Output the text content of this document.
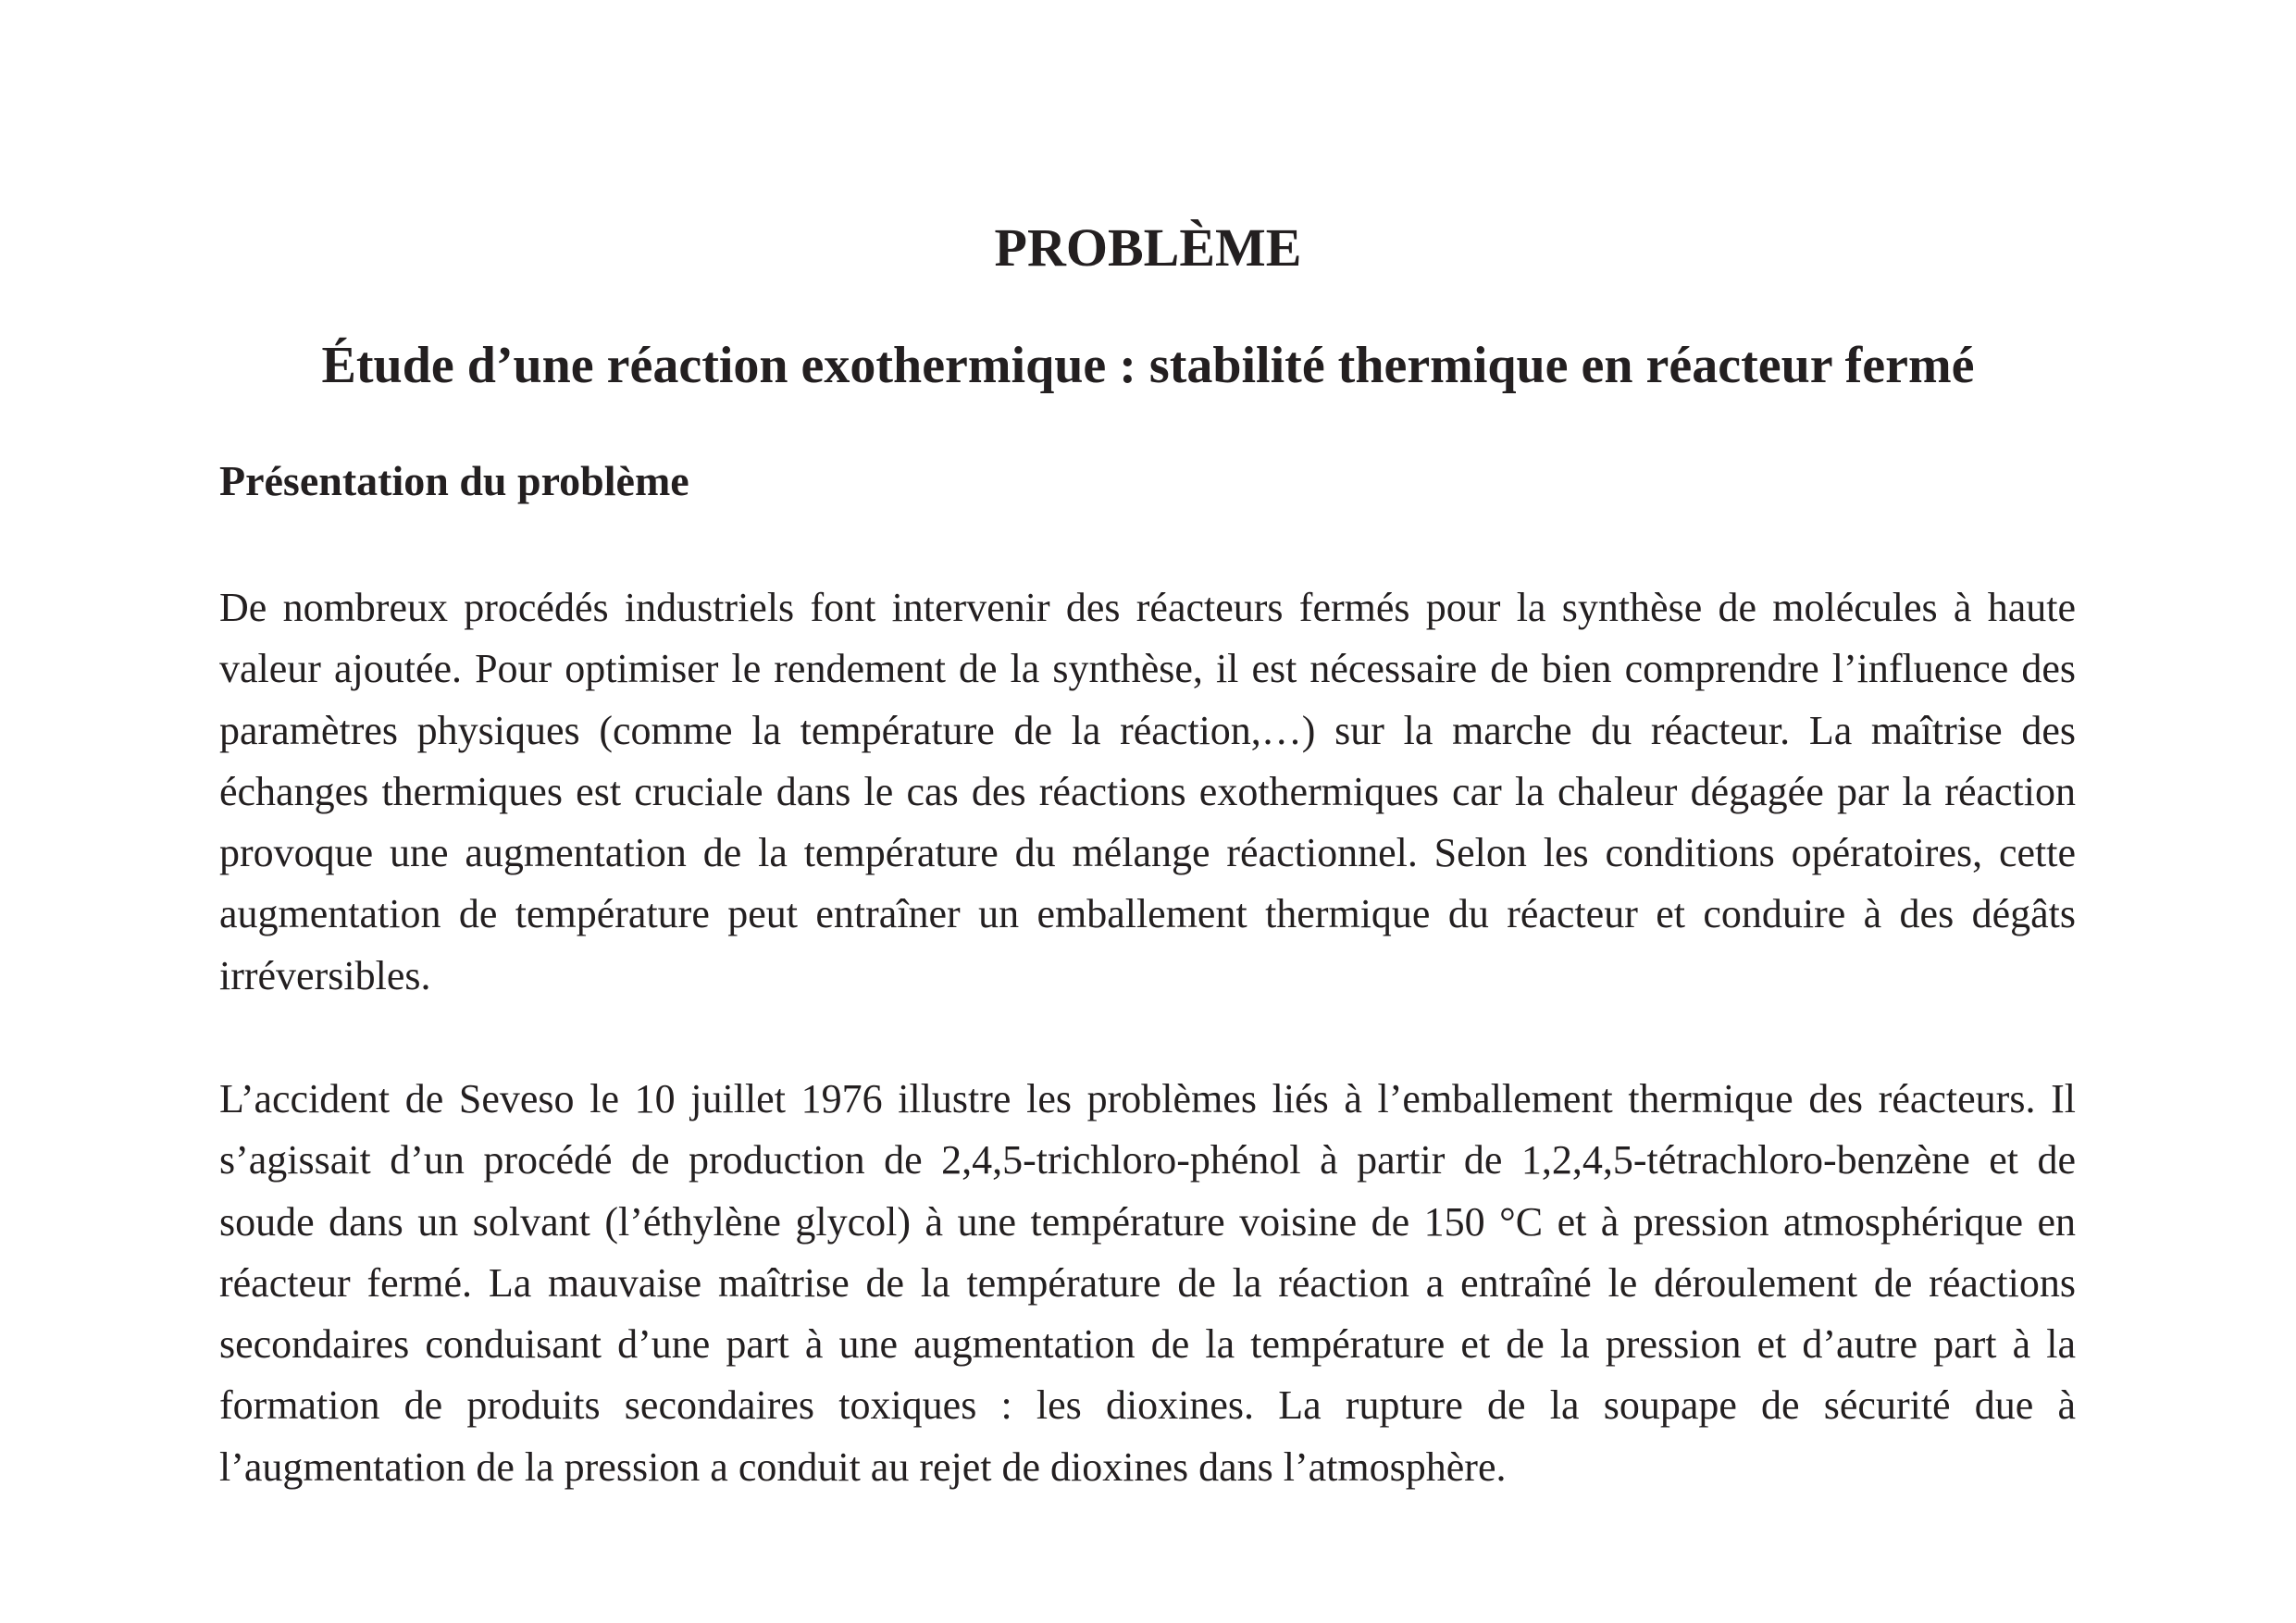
PROBLÈME
Étude d’une réaction exothermique : stabilité thermique en réacteur fermé
Présentation du problème

De nombreux procédés industriels font intervenir des réacteurs fermés pour la synthèse de molécules à haute valeur ajoutée. Pour optimiser le rendement de la synthèse, il est nécessaire de bien comprendre l’influence des paramètres physiques (comme la température de la réaction,…) sur la marche du réacteur. La maîtrise des échanges thermiques est cruciale dans le cas des réactions exothermiques car la chaleur dégagée par la réaction provoque une augmentation de la température du mélange réactionnel. Selon les conditions opératoires, cette augmentation de température peut entraîner un emballement thermique du réacteur et conduire à des dégâts irréversibles.

L’accident de Seveso le 10 juillet 1976 illustre les problèmes liés à l’emballement thermique des réacteurs. Il s’agissait d’un procédé de production de 2,4,5-trichloro-phénol à partir de 1,2,4,5-tétrachloro-benzène et de soude dans un solvant (l’éthylène glycol) à une température voisine de 150 °C et à pression atmosphérique en réacteur fermé. La mauvaise maîtrise de la température de la réaction a entraîné le déroulement de réactions secondaires conduisant d’une part à une augmentation de la température et de la pression et d’autre part à la formation de produits secondaires toxiques : les dioxines. La rupture de la soupape de sécurité due à l’augmentation de la pression a conduit au rejet de dioxines dans l’atmosphère.
